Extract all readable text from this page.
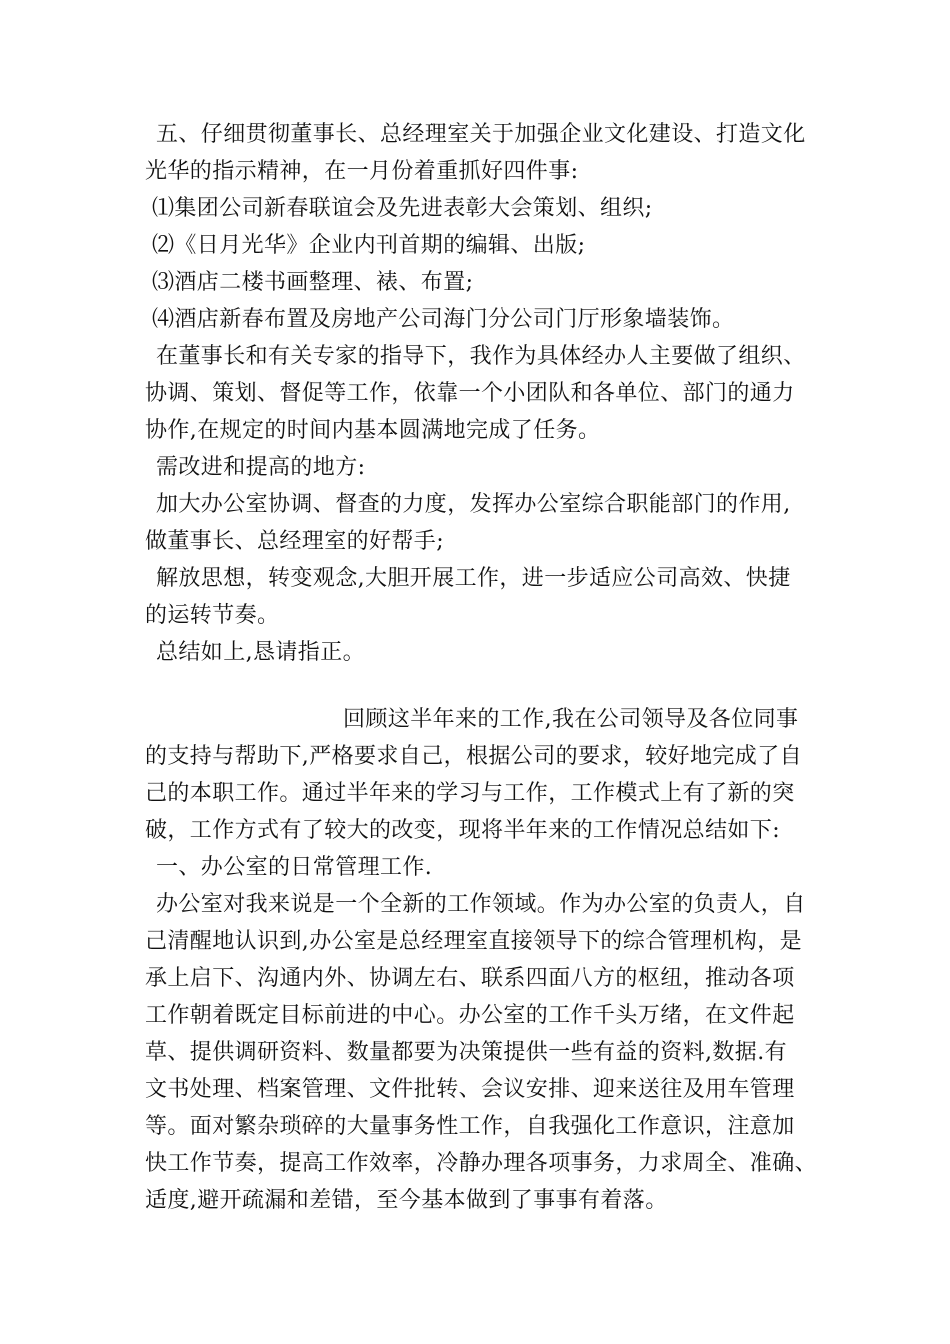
五、仔细贯彻董事长、总经理室关于加强企业文化建设、打造文化
光华的指示精神，在一月份着重抓好四件事:
⑴集团公司新春联谊会及先进表彰大会策划、组织;
⑵《日月光华》企业内刊首期的编辑、出版;
⑶酒店二楼书画整理、裱、布置;
⑷酒店新春布置及房地产公司海门分公司门厅形象墙装饰。
在董事长和有关专家的指导下，我作为具体经办人主要做了组织、
协调、策划、督促等工作，依靠一个小团队和各单位、部门的通力
协作,在规定的时间内基本圆满地完成了任务。
需改进和提高的地方:
加大办公室协调、督查的力度，发挥办公室综合职能部门的作用,
做董事长、总经理室的好帮手;
解放思想，转变观念,大胆开展工作，进一步适应公司高效、快捷
的运转节奏。
总结如上,恳请指正。
回顾这半年来的工作,我在公司领导及各位同事
的支持与帮助下,严格要求自己，根据公司的要求，较好地完成了自
己的本职工作。通过半年来的学习与工作，工作模式上有了新的突
破，工作方式有了较大的改变，现将半年来的工作情况总结如下:
一、办公室的日常管理工作.
办公室对我来说是一个全新的工作领域。作为办公室的负责人，自
己清醒地认识到,办公室是总经理室直接领导下的综合管理机构，是
承上启下、沟通内外、协调左右、联系四面八方的枢纽，推动各项
工作朝着既定目标前进的中心。办公室的工作千头万绪，在文件起
草、提供调研资料、数量都要为决策提供一些有益的资料,数据.有
文书处理、档案管理、文件批转、会议安排、迎来送往及用车管理
等。面对繁杂琐碎的大量事务性工作，自我强化工作意识，注意加
快工作节奏，提高工作效率，冷静办理各项事务，力求周全、准确、
适度,避开疏漏和差错，至今基本做到了事事有着落。
